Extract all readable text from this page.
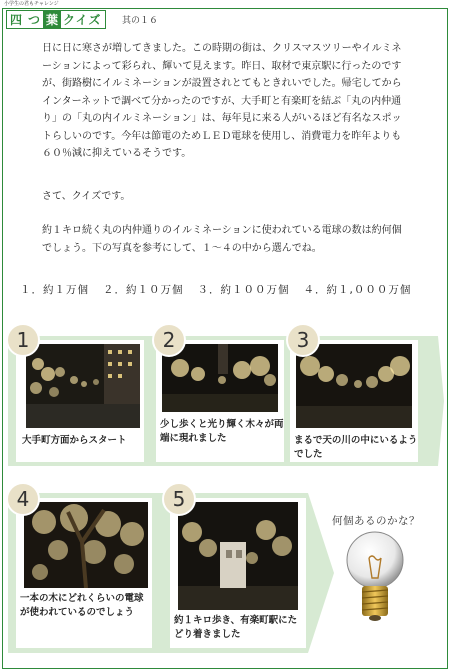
小学生の君もチャレンジ
四 つ 葉 クイズ	其の１６

日に日に寒さが増してきました。この時期の街は、クリスマスツリーやイルミネーションによって彩られ、輝いて見えます。昨日、取材で東京駅に行ったのですが、街路樹にイルミネーションが設置されとてもときれいでした。帰宅してからインターネットで調べて分かったのですが、大手町と有楽町を結ぶ「丸の内仲通り」の「丸の内イルミネーション」は、毎年見に来る人がいるほど有名なスポットらしいのです。今年は節電のためＬＥＤ電球を使用し、消費電力を昨年よりも６０％減に抑えているそうです。

さて、クイズです。

約１キロ続く丸の内仲通りのイルミネーションに使われている電球の数は約何個でしょう。下の写真を参考にして、１～４の中から選んでね。

１．約１万個 ２．約１０万個 ３．約１００万個 ４．約１,０００万個
1
大手町方面からスタート
2
少し歩くと光り輝く木々が両端に現れました
3
まるで天の川の中にいるようでした
4
一本の木にどれくらいの電球が使われているのでしょう
5
約１キロ歩き、有楽町駅にたどり着きました
何個あるのかな？
